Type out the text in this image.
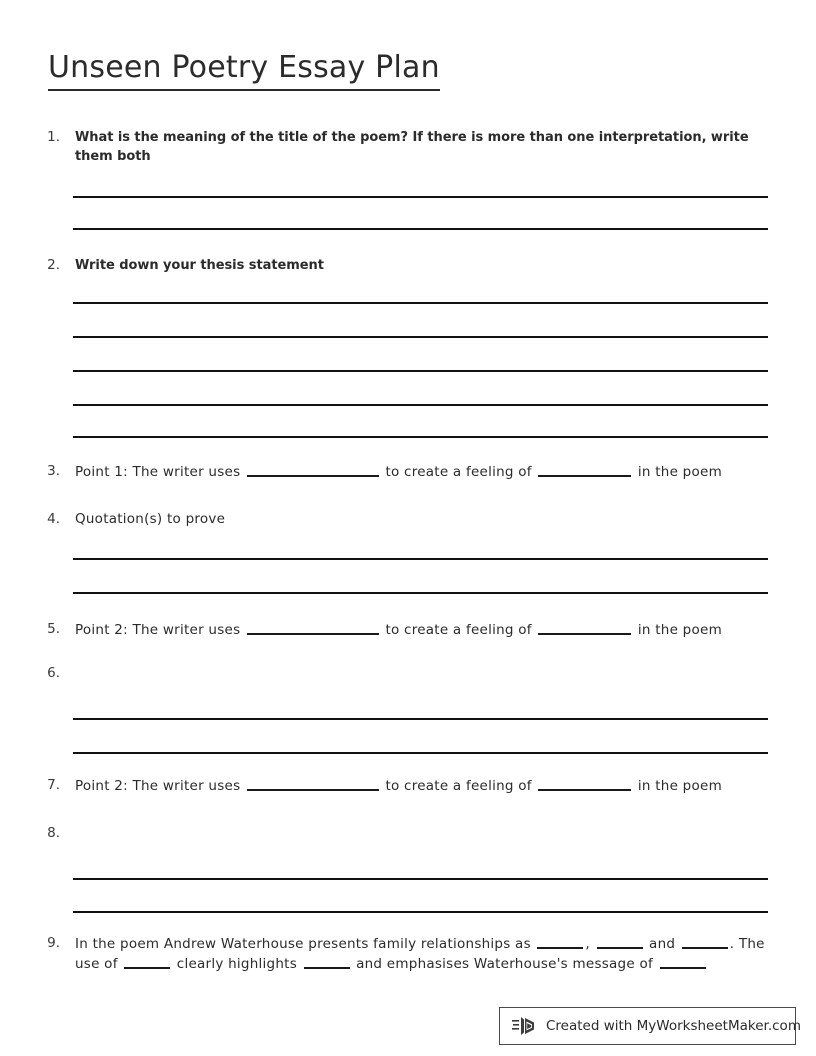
Unseen Poetry Essay Plan
1. What is the meaning of the title of the poem? If there is more than one interpretation, write them both
2. Write down your thesis statement
3. Point 1: The writer uses	to create a feeling of	in the poem
4. Quotation(s) to prove
5. Point 2: The writer uses	to create a feeling of	in the poem
6.
7. Point 2: The writer uses	to create a feeling of	in the poem
8.
9. In the poem Andrew Waterhouse presents family relationships as	,	and	. The use of	clearly highlights	and emphasises Waterhouse's message of
Created with MyWorksheetMaker.com
